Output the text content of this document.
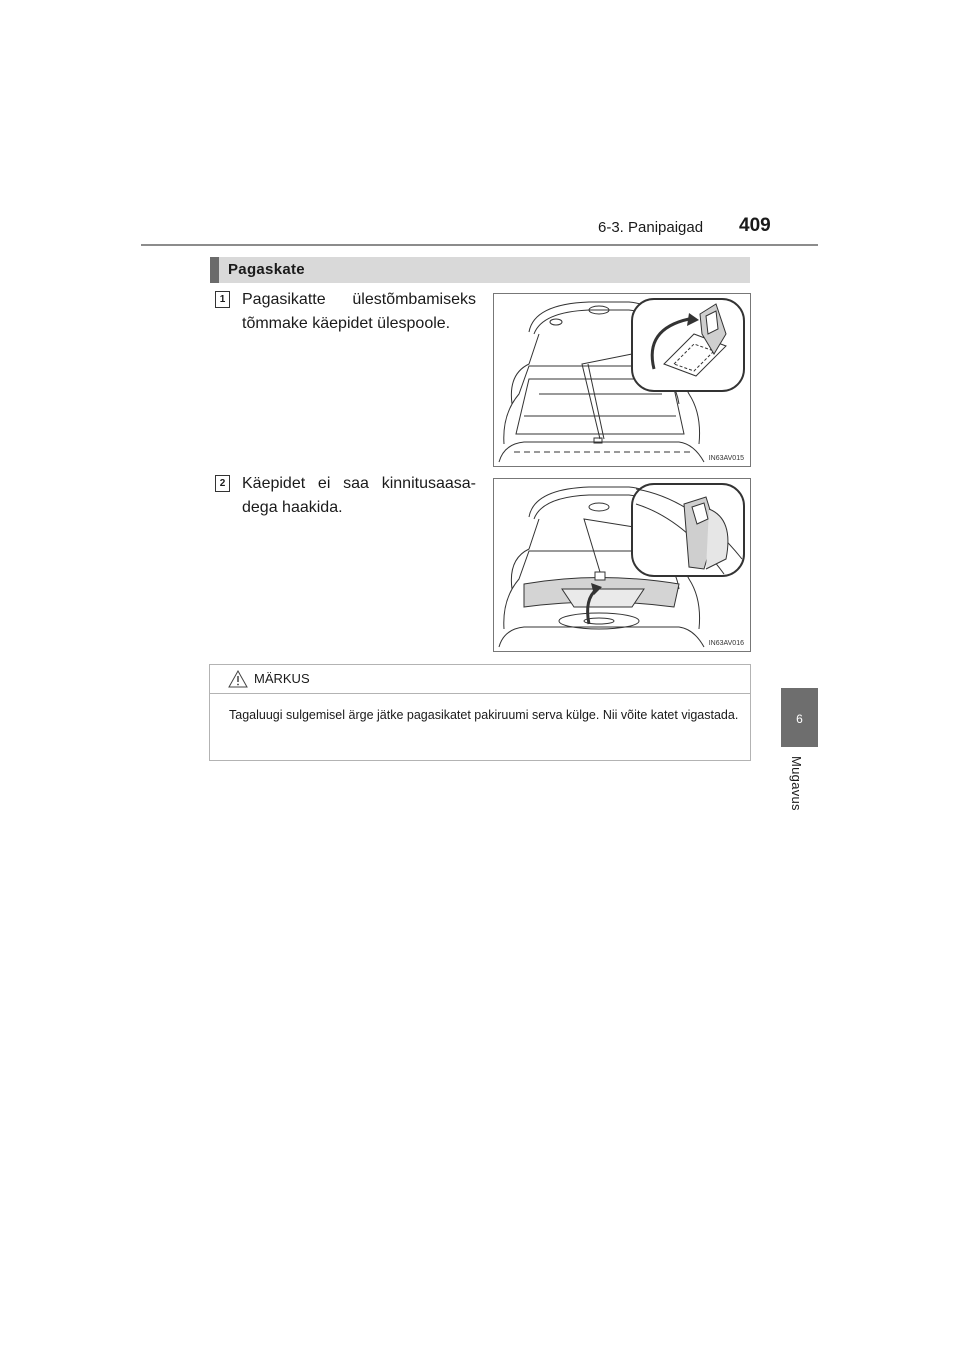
6-3. Panipaigad 409
6
Mugavus
Pagaskate
1 Pagasikatte ülestõmbamiseks tõmmake käepidet ülespoole.
IN63AV015
2 Käepidet ei saa kinnitusaasa-dega haakida.
IN63AV016
MÄRKUS
Tagaluugi sulgemisel ärge jätke pagasikatet pakiruumi serva külge. Nii võite katet vigastada.
